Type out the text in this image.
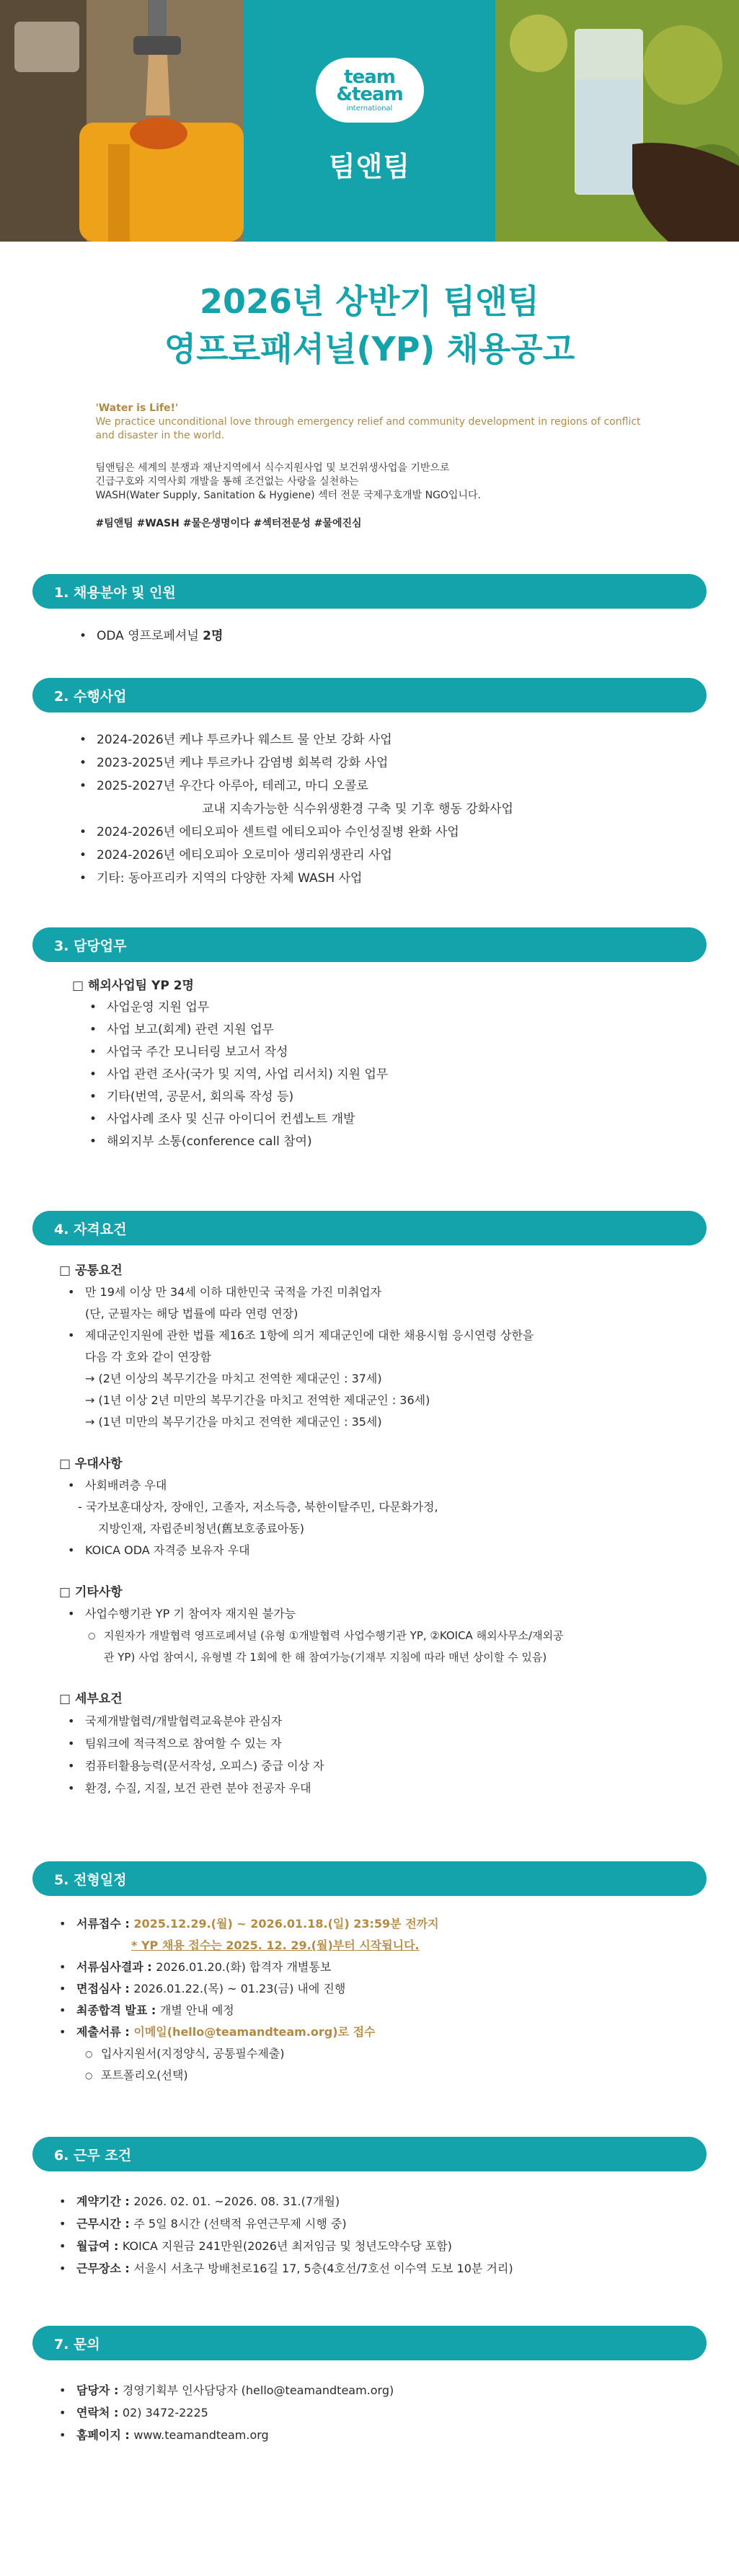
team
&team
international
팀앤팀
2026년 상반기 팀앤팀
영프로패셔널(YP) 채용공고
'Water is Life!'
We practice unconditional love through emergency relief and community development in regions of conflict and disaster in the world.
팀앤팀은 세계의 분쟁과 재난지역에서 식수지원사업 및 보건위생사업을 기반으로
긴급구호와 지역사회 개발을 통해 조건없는 사랑을 실천하는
WASH(Water Supply, Sanitation & Hygiene) 섹터 전문 국제구호개발 NGO입니다.
#팀앤팀 #WASH #물은생명이다 #섹터전문성 #물에진심
1. 채용분야 및 인원
• ODA 영프로페셔널 2명
2. 수행사업
• 2024-2026년 케냐 투르카나 웨스트 물 안보 강화 사업
• 2023-2025년 케냐 투르카나 감염병 회복력 강화 사업
• 2025-2027년 우간다 아루아, 테레고, 마디 오콜로
교내 지속가능한 식수위생환경 구축 및 기후 행동 강화사업
• 2024-2026년 에티오피아 센트럴 에티오피아 수인성질병 완화 사업
• 2024-2026년 에티오피아 오로미아 생리위생관리 사업
• 기타: 동아프리카 지역의 다양한 자체 WASH 사업
3. 담당업무
□ 해외사업팀 YP 2명
• 사업운영 지원 업무
• 사업 보고(회계) 관련 지원 업무
• 사업국 주간 모니터링 보고서 작성
• 사업 관련 조사(국가 및 지역, 사업 리서치) 지원 업무
• 기타(번역, 공문서, 회의록 작성 등)
• 사업사례 조사 및 신규 아이디어 컨셉노트 개발
• 해외지부 소통(conference call 참여)
4. 자격요건
□ 공통요건
• 만 19세 이상 만 34세 이하 대한민국 국적을 가진 미취업자
(단, 군필자는 해당 법률에 따라 연령 연장)
• 제대군인지원에 관한 법률 제16조 1항에 의거 제대군인에 대한 채용시험 응시연령 상한을
다음 각 호와 같이 연장함
→ (2년 이상의 복무기간을 마치고 전역한 제대군인 : 37세)
→ (1년 이상 2년 미만의 복무기간을 마치고 전역한 제대군인 : 36세)
→ (1년 미만의 복무기간을 마치고 전역한 제대군인 : 35세)
□ 우대사항
• 사회배려층 우대
- 국가보훈대상자, 장애인, 고졸자, 저소득층, 북한이탈주민, 다문화가정,
지방인재, 자립준비청년(舊보호종료아동)
• KOICA ODA 자격증 보유자 우대
□ 기타사항
• 사업수행기관 YP 기 참여자 재지원 불가능
○ 지원자가 개발협력 영프로페셔널 (유형 ①개발협력 사업수행기관 YP, ②KOICA 해외사무소/재외공
관 YP) 사업 참여시, 유형별 각 1회에 한 해 참여가능(기재부 지침에 따라 매년 상이할 수 있음)
□ 세부요건
• 국제개발협력/개발협력교육분야 관심자
• 팀워크에 적극적으로 참여할 수 있는 자
• 컴퓨터활용능력(문서작성, 오피스) 중급 이상 자
• 환경, 수질, 지질, 보건 관련 분야 전공자 우대
5. 전형일정
• 서류접수 : 2025.12.29.(월) ~ 2026.01.18.(일) 23:59분 전까지
* YP 채용 접수는 2025. 12. 29.(월)부터 시작됩니다.
• 서류심사결과 : 2026.01.20.(화) 합격자 개별통보
• 면접심사 : 2026.01.22.(목) ~ 01.23(금) 내에 진행
• 최종합격 발표 : 개별 안내 예정
• 제출서류 : 이메일(hello@teamandteam.org)로 접수
○ 입사지원서(지정양식, 공통필수제출)
○ 포트폴리오(선택)
6. 근무 조건
• 계약기간 : 2026. 02. 01. ~2026. 08. 31.(7개월)
• 근무시간 : 주 5일 8시간 (선택적 유연근무제 시행 중)
• 월급여 : KOICA 지원금 241만원(2026년 최저임금 및 청년도약수당 포함)
• 근무장소 : 서울시 서초구 방배천로16길 17, 5층(4호선/7호선 이수역 도보 10분 거리)
7. 문의
• 담당자 : 경영기획부 인사담당자 (hello@teamandteam.org)
• 연락처 : 02) 3472-2225
• 홈페이지 : www.teamandteam.org
